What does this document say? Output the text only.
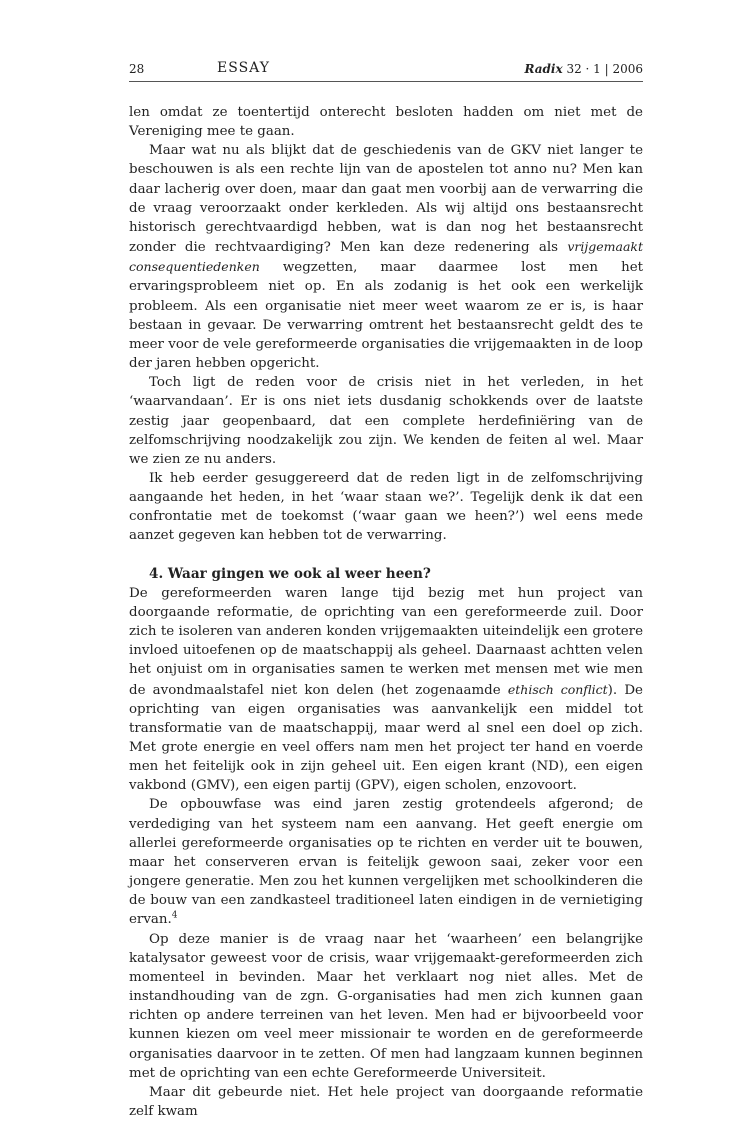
28	ESSAY	Radix 32 · 1 | 2006

len omdat ze toentertijd onterecht besloten hadden om niet met de Vereniging mee te gaan.

Maar wat nu als blijkt dat de geschiedenis van de GKV niet langer te beschouwen is als een rechte lijn van de apostelen tot anno nu? Men kan daar lacherig over doen, maar dan gaat men voorbij aan de verwarring die de vraag veroorzaakt onder kerkleden. Als wij altijd ons bestaansrecht historisch gerechtvaardigd hebben, wat is dan nog het bestaansrecht zonder die rechtvaardiging? Men kan deze redenering als vrijgemaakt consequentiedenken wegzetten, maar daarmee lost men het ervaringsprobleem niet op. En als zodanig is het ook een werkelijk probleem. Als een organisatie niet meer weet waarom ze er is, is haar bestaan in gevaar. De verwarring omtrent het bestaansrecht geldt des te meer voor de vele gereformeerde organisaties die vrijgemaakten in de loop der jaren hebben opgericht.

Toch ligt de reden voor de crisis niet in het verleden, in het ‘waarvandaan’. Er is ons niet iets dusdanig schokkends over de laatste zestig jaar geopenbaard, dat een complete herdefiniëring van de zelfomschrijving noodzakelijk zou zijn. We kenden de feiten al wel. Maar we zien ze nu anders.

Ik heb eerder gesuggereerd dat de reden ligt in de zelfomschrijving aangaande het heden, in het ‘waar staan we?’. Tegelijk denk ik dat een confrontatie met de toekomst (‘waar gaan we heen?’) wel eens mede aanzet gegeven kan hebben tot de verwarring.

4. Waar gingen we ook al weer heen?

De gereformeerden waren lange tijd bezig met hun project van doorgaande reformatie, de oprichting van een gereformeerde zuil. Door zich te isoleren van anderen konden vrijgemaakten uiteindelijk een grotere invloed uitoefenen op de maatschappij als geheel. Daarnaast achtten velen het onjuist om in organisaties samen te werken met mensen met wie men de avondmaalstafel niet kon delen (het zogenaamde ethisch conflict). De oprichting van eigen organisaties was aanvankelijk een middel tot transformatie van de maatschappij, maar werd al snel een doel op zich. Met grote energie en veel offers nam men het project ter hand en voerde men het feitelijk ook in zijn geheel uit. Een eigen krant (ND), een eigen vakbond (GMV), een eigen partij (GPV), eigen scholen, enzovoort.

De opbouwfase was eind jaren zestig grotendeels afgerond; de verdediging van het systeem nam een aanvang. Het geeft energie om allerlei gereformeerde organisaties op te richten en verder uit te bouwen, maar het conserveren ervan is feitelijk gewoon saai, zeker voor een jongere generatie. Men zou het kunnen vergelijken met schoolkinderen die de bouw van een zandkasteel traditioneel laten eindigen in de vernietiging ervan.$^4$

Op deze manier is de vraag naar het ‘waarheen’ een belangrijke katalysator geweest voor de crisis, waar vrijgemaakt-gereformeerden zich momenteel in bevinden. Maar het verklaart nog niet alles. Met de instandhouding van de zgn. G-organisaties had men zich kunnen gaan richten op andere terreinen van het leven. Men had er bijvoorbeeld voor kunnen kiezen om veel meer missionair te worden en de gereformeerde organisaties daarvoor in te zetten. Of men had langzaam kunnen beginnen met de oprichting van een echte Gereformeerde Universiteit.

Maar dit gebeurde niet. Het hele project van doorgaande reformatie zelf kwam
